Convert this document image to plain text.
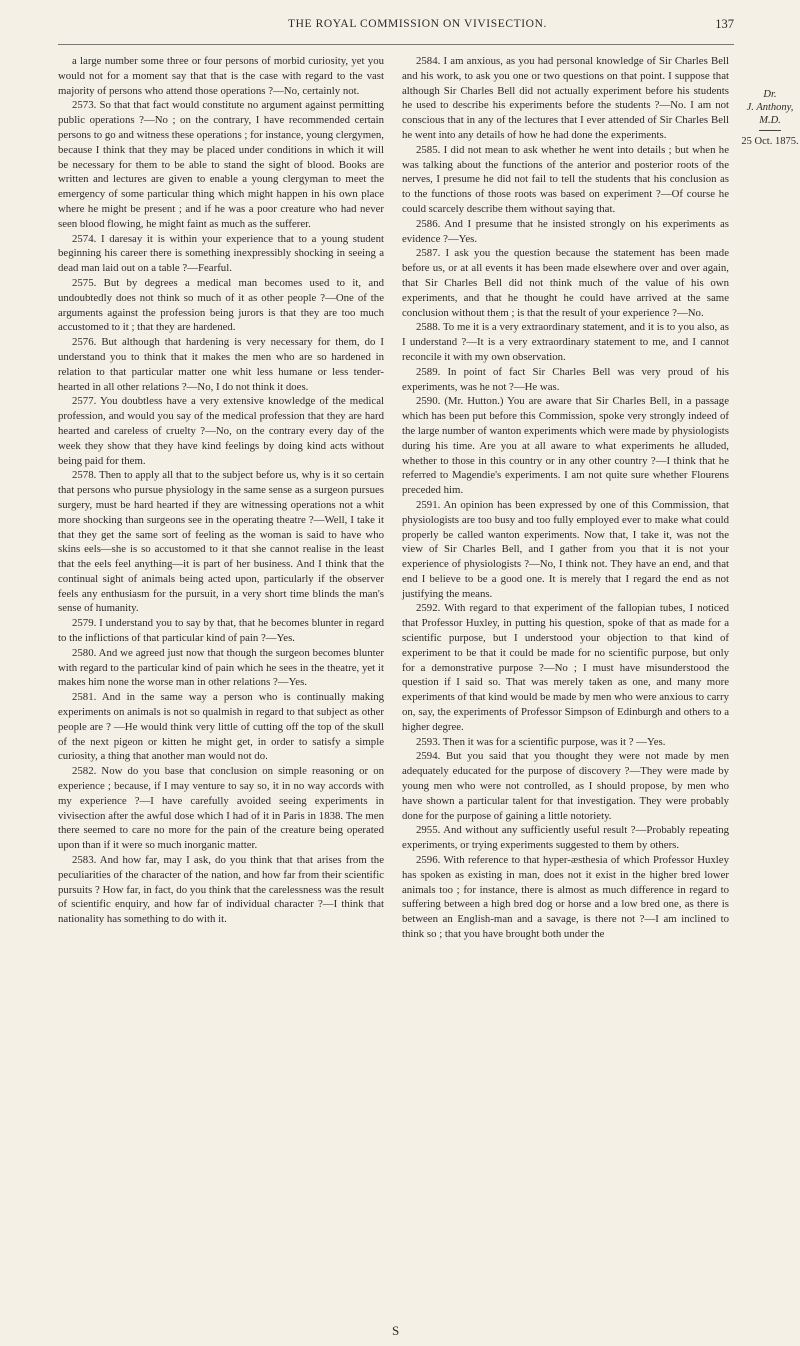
THE ROYAL COMMISSION ON VIVISECTION.	137

a large number some three or four persons of morbid curiosity, yet you would not for a moment say that that is the case with regard to the vast majority of persons who attend those operations ?—No, certainly not.

2573. So that that fact would constitute no argument against permitting public operations ?—No ; on the contrary, I have recommended certain persons to go and witness these operations ; for instance, young clergymen, because I think that they may be placed under conditions in which it will be necessary for them to be able to stand the sight of blood. Books are written and lectures are given to enable a young clergyman to meet the emergency of some particular thing which might happen in his own place where he might be present ; and if he was a poor creature who had never seen blood flowing, he might faint as much as the sufferer.

2574. I daresay it is within your experience that to a young student beginning his career there is something inexpressibly shocking in seeing a dead man laid out on a table ?—Fearful.

2575. But by degrees a medical man becomes used to it, and undoubtedly does not think so much of it as other people ?—One of the arguments against the profession being jurors is that they are too much accustomed to it ; that they are hardened.

2576. But although that hardening is very necessary for them, do I understand you to think that it makes the men who are so hardened in relation to that particular matter one whit less humane or less tender-hearted in all other relations ?—No, I do not think it does.

2577. You doubtless have a very extensive knowledge of the medical profession, and would you say of the medical profession that they are hard hearted and careless of cruelty ?—No, on the contrary every day of the week they show that they have kind feelings by doing kind acts without being paid for them.

2578. Then to apply all that to the subject before us, why is it so certain that persons who pursue physiology in the same sense as a surgeon pursues surgery, must be hard hearted if they are witnessing operations not a whit more shocking than surgeons see in the operating theatre ?—Well, I take it that they get the same sort of feeling as the woman is said to have who skins eels—she is so accustomed to it that she cannot realise in the least that the eels feel anything—it is part of her business. And I think that the continual sight of animals being acted upon, particularly if the observer feels any enthusiasm for the pursuit, in a very short time blinds the man's sense of humanity.

2579. I understand you to say by that, that he becomes blunter in regard to the inflictions of that particular kind of pain ?—Yes.

2580. And we agreed just now that though the surgeon becomes blunter with regard to the particular kind of pain which he sees in the theatre, yet it makes him none the worse man in other relations ?—Yes.

2581. And in the same way a person who is continually making experiments on animals is not so qualmish in regard to that subject as other people are ? —He would think very little of cutting off the top of the skull of the next pigeon or kitten he might get, in order to satisfy a simple curiosity, a thing that another man would not do.

2582. Now do you base that conclusion on simple reasoning or on experience ; because, if I may venture to say so, it in no way accords with my experience ?—I have carefully avoided seeing experiments in vivisection after the awful dose which I had of it in Paris in 1838. The men there seemed to care no more for the pain of the creature being operated upon than if it were so much inorganic matter.

2583. And how far, may I ask, do you think that that arises from the peculiarities of the character of the nation, and how far from their scientific pursuits ? How far, in fact, do you think that the carelessness was the result of scientific enquiry, and how far of individual character ?—I think that nationality has something to do with it.

2584. I am anxious, as you had personal knowledge of Sir Charles Bell and his work, to ask you one or two questions on that point. I suppose that although Sir Charles Bell did not actually experiment before his students he used to describe his experiments before the students ?—No. I am not conscious that in any of the lectures that I ever attended of Sir Charles Bell he went into any details of how he had done the experiments.

2585. I did not mean to ask whether he went into details ; but when he was talking about the functions of the anterior and posterior roots of the nerves, I presume he did not fail to tell the students that his conclusion as to the functions of those roots was based on experiment ?—Of course he could scarcely describe them without saying that.

2586. And I presume that he insisted strongly on his experiments as evidence ?—Yes.

2587. I ask you the question because the statement has been made before us, or at all events it has been made elsewhere over and over again, that Sir Charles Bell did not think much of the value of his own experiments, and that he thought he could have arrived at the same conclusion without them ; is that the result of your experience ?—No.

2588. To me it is a very extraordinary statement, and it is to you also, as I understand ?—It is a very extraordinary statement to me, and I cannot reconcile it with my own observation.

2589. In point of fact Sir Charles Bell was very proud of his experiments, was he not ?—He was.

2590. (Mr. Hutton.) You are aware that Sir Charles Bell, in a passage which has been put before this Commission, spoke very strongly indeed of the large number of wanton experiments which were made by physiologists during his time. Are you at all aware to what experiments he alluded, whether to those in this country or in any other country ?—I think that he referred to Magendie's experiments. I am not quite sure whether Flourens preceded him.

2591. An opinion has been expressed by one of this Commission, that physiologists are too busy and too fully employed ever to make what could properly be called wanton experiments. Now that, I take it, was not the view of Sir Charles Bell, and I gather from you that it is not your experience of physiologists ?—No, I think not. They have an end, and that end I believe to be a good one. It is merely that I regard the end as not justifying the means.

2592. With regard to that experiment of the fallopian tubes, I noticed that Professor Huxley, in putting his question, spoke of that as made for a scientific purpose, but I understood your objection to that kind of experiment to be that it could be made for no scientific purpose, but only for a demonstrative purpose ?—No ; I must have misunderstood the question if I said so. That was merely taken as one, and many more experiments of that kind would be made by men who were anxious to carry on, say, the experiments of Professor Simpson of Edinburgh and others to a higher degree.

2593. Then it was for a scientific purpose, was it ? —Yes.

2594. But you said that you thought they were not made by men adequately educated for the purpose of discovery ?—They were made by young men who were not controlled, as I should propose, by men who have shown a particular talent for that investigation. They were probably done for the purpose of gaining a little notoriety.

2955. And without any sufficiently useful result ?—Probably repeating experiments, or trying experiments suggested to them by others.

2596. With reference to that hyper-æsthesia of which Professor Huxley has spoken as existing in man, does not it exist in the higher bred lower animals too ; for instance, there is almost as much difference in regard to suffering between a high bred dog or horse and a low bred one, as there is between an English-man and a savage, is there not ?—I am inclined to think so ; that you have brought both under the

Dr.
J. Anthony,
M.D.
25 Oct. 1875.
S
